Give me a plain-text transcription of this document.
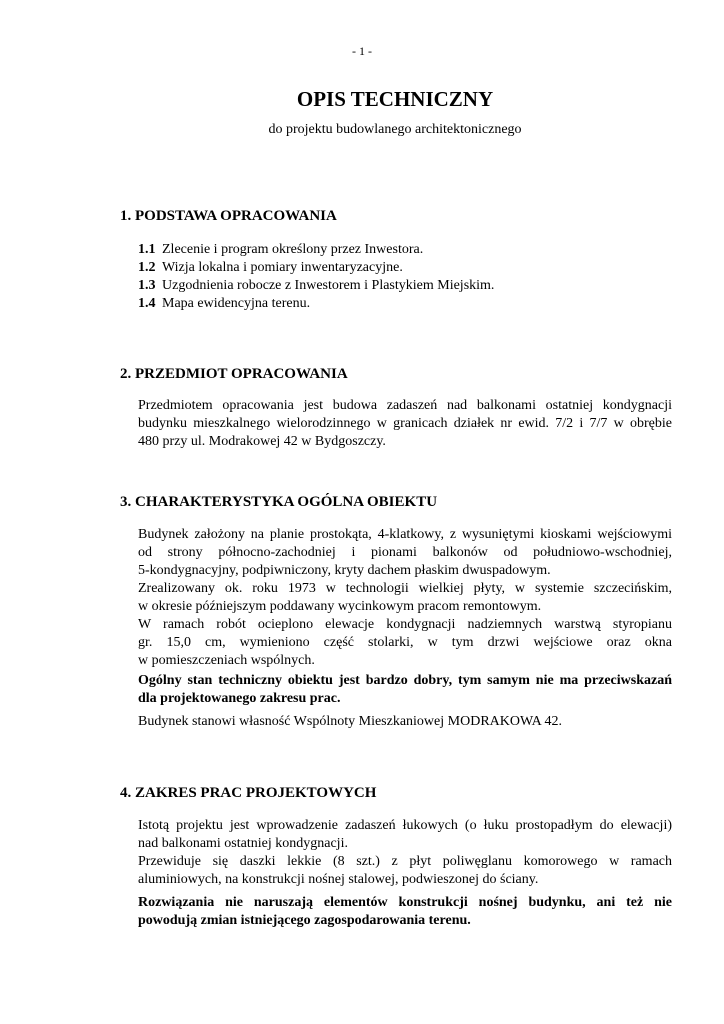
- 1 -
OPIS TECHNICZNY
do projektu budowlanego architektonicznego
1. PODSTAWA OPRACOWANIA
1.1 Zlecenie i program określony przez Inwestora.
1.2 Wizja lokalna i pomiary inwentaryzacyjne.
1.3 Uzgodnienia robocze z Inwestorem i Plastykiem Miejskim.
1.4 Mapa ewidencyjna terenu.
2. PRZEDMIOT OPRACOWANIA

Przedmiotem opracowania jest budowa zadaszeń nad balkonami ostatniej kondygnacji
budynku mieszkalnego wielorodzinnego w granicach działek nr ewid. 7/2 i 7/7 w obrębie
480 przy ul. Modrakowej 42 w Bydgoszczy.

3. CHARAKTERYSTYKA OGÓLNA OBIEKTU

Budynek założony na planie prostokąta, 4-klatkowy, z wysuniętymi kioskami wejściowymi
od strony północno-zachodniej i pionami balkonów od południowo-wschodniej,
5-kondygnacyjny, podpiwniczony, kryty dachem płaskim dwuspadowym.
Zrealizowany ok. roku 1973 w technologii wielkiej płyty, w systemie szczecińskim,
w okresie późniejszym poddawany wycinkowym pracom remontowym.
W ramach robót ocieplono elewacje kondygnacji nadziemnych warstwą styropianu
gr. 15,0 cm, wymieniono część stolarki, w tym drzwi wejściowe oraz okna
w pomieszczeniach wspólnych.

Ogólny stan techniczny obiektu jest bardzo dobry, tym samym nie ma przeciwskazań
dla projektowanego zakresu prac.

Budynek stanowi własność Wspólnoty Mieszkaniowej MODRAKOWA 42.

4. ZAKRES PRAC PROJEKTOWYCH

Istotą projektu jest wprowadzenie zadaszeń łukowych (o łuku prostopadłym do elewacji)
nad balkonami ostatniej kondygnacji.
Przewiduje się daszki lekkie (8 szt.) z płyt poliwęglanu komorowego w ramach
aluminiowych, na konstrukcji nośnej stalowej, podwieszonej do ściany.

Rozwiązania nie naruszają elementów konstrukcji nośnej budynku, ani też nie
powodują zmian istniejącego zagospodarowania terenu.
